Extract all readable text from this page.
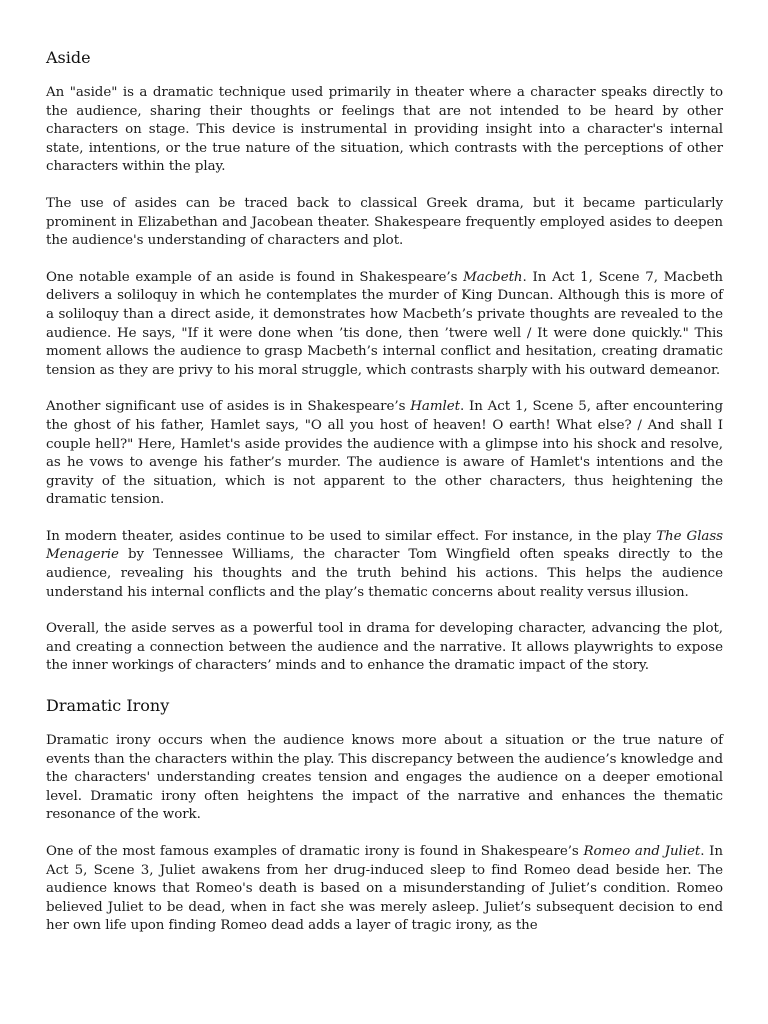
Aside

An "aside" is a dramatic technique used primarily in theater where a character speaks directly to the audience, sharing their thoughts or feelings that are not intended to be heard by other characters on stage. This device is instrumental in providing insight into a character's internal state, intentions, or the true nature of the situation, which contrasts with the perceptions of other characters within the play.

The use of asides can be traced back to classical Greek drama, but it became particularly prominent in Elizabethan and Jacobean theater. Shakespeare frequently employed asides to deepen the audience's understanding of characters and plot.

One notable example of an aside is found in Shakespeare’s Macbeth. In Act 1, Scene 7, Macbeth delivers a soliloquy in which he contemplates the murder of King Duncan. Although this is more of a soliloquy than a direct aside, it demonstrates how Macbeth’s private thoughts are revealed to the audience. He says, "If it were done when ’tis done, then ’twere well / It were done quickly." This moment allows the audience to grasp Macbeth’s internal conflict and hesitation, creating dramatic tension as they are privy to his moral struggle, which contrasts sharply with his outward demeanor.

Another significant use of asides is in Shakespeare’s Hamlet. In Act 1, Scene 5, after encountering the ghost of his father, Hamlet says, "O all you host of heaven! O earth! What else? / And shall I couple hell?" Here, Hamlet's aside provides the audience with a glimpse into his shock and resolve, as he vows to avenge his father’s murder. The audience is aware of Hamlet's intentions and the gravity of the situation, which is not apparent to the other characters, thus heightening the dramatic tension.

In modern theater, asides continue to be used to similar effect. For instance, in the play The Glass Menagerie by Tennessee Williams, the character Tom Wingfield often speaks directly to the audience, revealing his thoughts and the truth behind his actions. This helps the audience understand his internal conflicts and the play’s thematic concerns about reality versus illusion.

Overall, the aside serves as a powerful tool in drama for developing character, advancing the plot, and creating a connection between the audience and the narrative. It allows playwrights to expose the inner workings of characters’ minds and to enhance the dramatic impact of the story.

Dramatic Irony

Dramatic irony occurs when the audience knows more about a situation or the true nature of events than the characters within the play. This discrepancy between the audience’s knowledge and the characters' understanding creates tension and engages the audience on a deeper emotional level. Dramatic irony often heightens the impact of the narrative and enhances the thematic resonance of the work.

One of the most famous examples of dramatic irony is found in Shakespeare’s Romeo and Juliet. In Act 5, Scene 3, Juliet awakens from her drug-induced sleep to find Romeo dead beside her. The audience knows that Romeo's death is based on a misunderstanding of Juliet’s condition. Romeo believed Juliet to be dead, when in fact she was merely asleep. Juliet’s subsequent decision to end her own life upon finding Romeo dead adds a layer of tragic irony, as the
